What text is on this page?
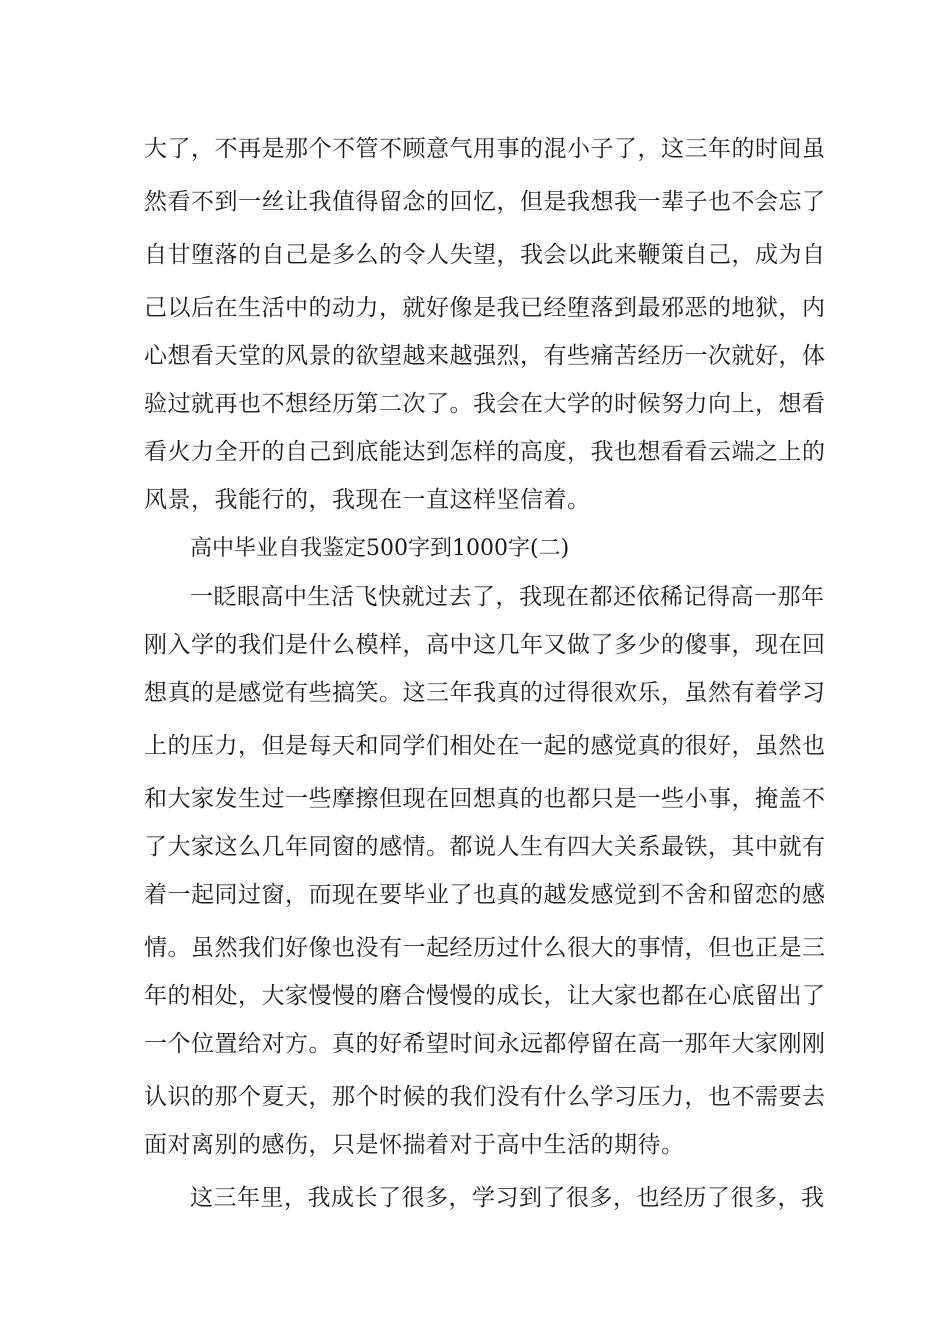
大了，不再是那个不管不顾意气用事的混小子了，这三年的时间虽
然看不到一丝让我值得留念的回忆，但是我想我一辈子也不会忘了
自甘堕落的自己是多么的令人失望，我会以此来鞭策自己，成为自
己以后在生活中的动力，就好像是我已经堕落到最邪恶的地狱，内
心想看天堂的风景的欲望越来越强烈，有些痛苦经历一次就好，体
验过就再也不想经历第二次了。我会在大学的时候努力向上，想看
看火力全开的自己到底能达到怎样的高度，我也想看看云端之上的
风景，我能行的，我现在一直这样坚信着。
高中毕业自我鉴定500字到1000字(二)
一眨眼高中生活飞快就过去了，我现在都还依稀记得高一那年
刚入学的我们是什么模样，高中这几年又做了多少的傻事，现在回
想真的是感觉有些搞笑。这三年我真的过得很欢乐，虽然有着学习
上的压力，但是每天和同学们相处在一起的感觉真的很好，虽然也
和大家发生过一些摩擦但现在回想真的也都只是一些小事，掩盖不
了大家这么几年同窗的感情。都说人生有四大关系最铁，其中就有
着一起同过窗，而现在要毕业了也真的越发感觉到不舍和留恋的感
情。虽然我们好像也没有一起经历过什么很大的事情，但也正是三
年的相处，大家慢慢的磨合慢慢的成长，让大家也都在心底留出了
一个位置给对方。真的好希望时间永远都停留在高一那年大家刚刚
认识的那个夏天，那个时候的我们没有什么学习压力，也不需要去
面对离别的感伤，只是怀揣着对于高中生活的期待。
这三年里，我成长了很多，学习到了很多，也经历了很多，我
